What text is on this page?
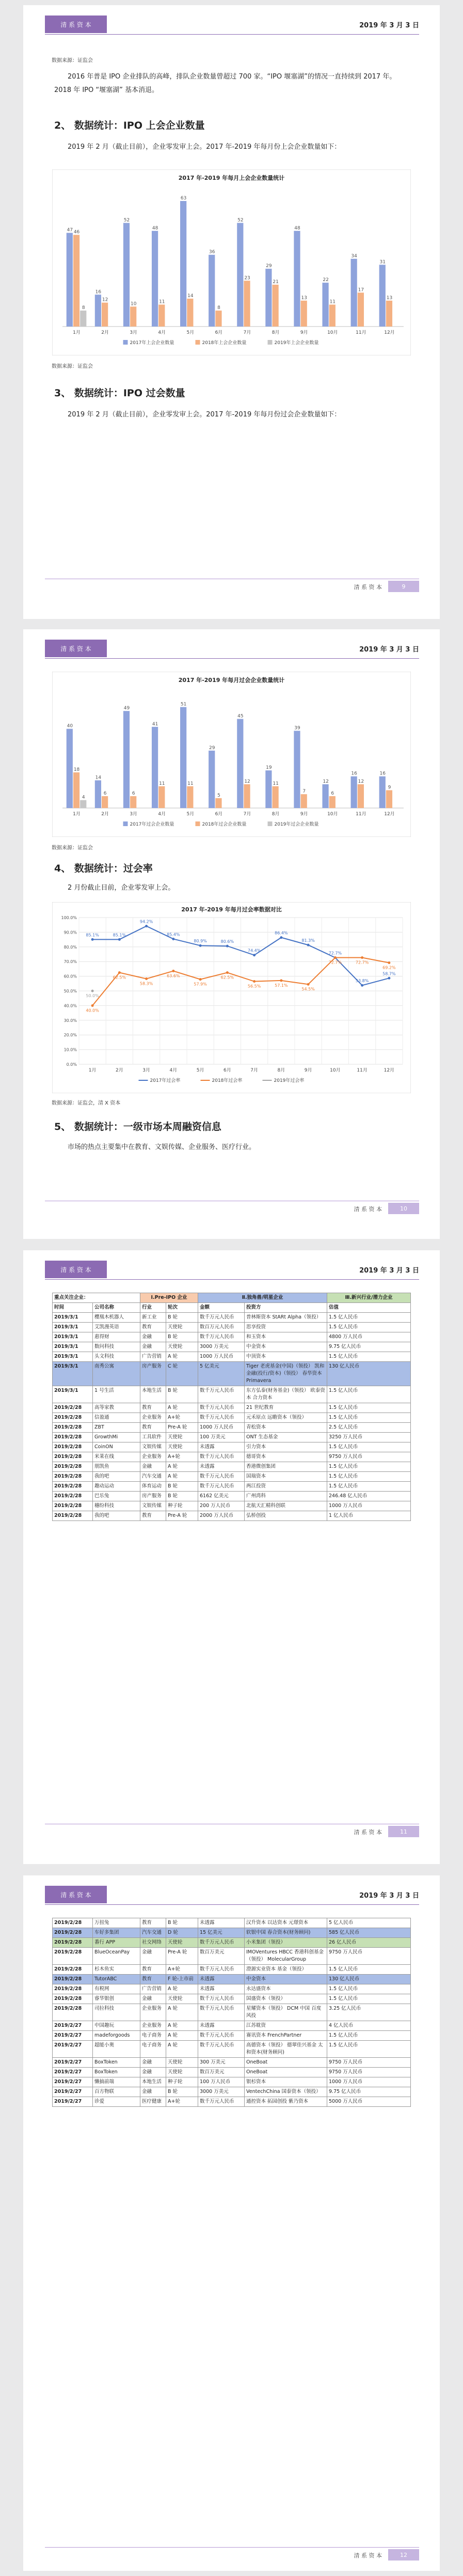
清 系 资 本	2019 年 3 月 3 日
数据来源：证监会
2016 年普是 IPO 企业排队的高峰，排队企业数量曾超过 700 家。“IPO 堰塞湖”的情况一直持续到 2017 年。2018 年 IPO “堰塞湖” 基本消退。
2、 数据统计：IPO 上会企业数量
2019 年 2 月（截止目前），企业零发审上会。2017 年-2019 年每月份上会企业数量如下：
2017 年-2019 年每月上会企业数量统计
47 46
8
1月
16
12
2月
52
10
3月
48
11
4月
63
14
5月
36
8
6月
52
23
7月
29
21
8月
48
13
9月
22
11
10月
34
17
11月
31
13
12月
2017年上会企业数量	2018年上会企业数量	2019年上会企业数量
数据来源：证监会
3、 数据统计：IPO 过会数量
2019 年 2 月（截止目前），企业零发审上会。2017 年-2019 年每月份过会企业数量如下：
清 系 资 本	9
清 系 资 本	2019 年 3 月 3 日
2017 年-2019 年每月过会企业数量统计
40
18
4
1月
14
6
2月
49
6
3月
41
11
4月
51
11
5月
29
5
6月
45
12
7月
19
11
8月
39
7
9月
12
6
10月
16
12
11月
16
9
12月
2017年过会企业数量	2018年过会企业数量	2019年过会企业数量
数据来源：证监会
4、 数据统计：过会率
2 月份截止目前，企业零发审上会。
2017 年-2019 年每月过会率数据对比
0.0%
10.0%
20.0%
30.0%
40.0%
50.0%
60.0%
70.0%
80.0%
90.0%
100.0%
1月	2月	3月	4月	5月	6月	7月	8月	9月	10月	11月	12月
85.1%	85.1%
94.2%
85.4%
80.9%	80.6%
74.4%
86.4%
81.3%
72.7%
53.8%
58.7%
40.0%
62.5%
58.3%
63.6%
57.9%
62.5%
56.5%	57.1%
54.5%
72.7%	72.7%
69.2%
50.0%
2017年过会率	2018年过会率	2019年过会率
数据来源：证监会，清 X 资本
5、 数据统计：一级市场本周融资信息
市场的热点主要集中在教育、文娱传媒、企业服务、医疗行业。
清 系 资 本	10
清 系 资 本	2019 年 3 月 3 日
重点关注企业：		Ⅰ.Pre-IPO 企业		Ⅱ.独角兽/明星企业		Ⅲ.新兴行业/潜力企业
时间	公司名称	行业	轮次	金额	投资方	估值
2019/3/1	樱凰木机器人	新工业	B 轮	数千万元人民币	普林斯资本 StARt Alpha（领投）	1.5 亿人民币
2019/3/1	艾凯漫英语	教育	天使轮	数百万元人民币	思享投资	1.5 亿人民币
2019/3/1	惠得财	金融	B 轮	数千万元人民币	和玉资本	4800 万人民币
2019/3/1	数问科技	金融	天使轮	3000 万美元	中金资本	9.75 亿人民币
2019/3/1	头文科技	广告营销	A 轮	1000 万人民币	中顶资本	1.5 亿人民币
2019/3/1	南秀公寓	房产服务	C 轮	5 亿美元	Tiger 老虎基金(中国)（领投） 凯和金融(投行/资本)（领投） 春华资本 Primavera	130 亿人民币
2019/3/1	1 号生活	本地生活	B 轮	数千万元人民币	东方弘泰(财务基金)（领投） 欧泰资本 合力资本	1.5 亿人民币
2019/2/28	高等家教	教育	A 轮	数千万元人民币	21 世纪教育	1.5 亿人民币
2019/2/28	信盈通	企业服务	A+轮	数千万元人民币	元禾原点 远瞻资本（领投）	1.5 亿人民币
2019/2/28	ZBT	教育	Pre-A 轮	1000 万人民币	青松资本	2.5 亿人民币
2019/2/28	GrowthMi	工具软件	天使轮	100 万美元	ONT 生态基金	3250 万人民币
2019/2/28	CoinON	文娱传媒	天使轮	未透露	引力资本	1.5 亿人民币
2019/2/28	米莱在线	企业服务	A+轮	数千万元人民币	德哥资本	9750 万人民币
2019/2/28	朋凯鱼	金融	A 轮	未透露	香港微创集团	1.5 亿人民币
2019/2/28	我的吧	汽车交通	A 轮	数千万元人民币	国瑞资本	1.5 亿人民币
2019/2/28	趣动运动	体育运动	B 轮	数千万元人民币	两江投资	1.5 亿人民币
2019/2/28	巴乐兔	房产服务	B 轮	6162 亿美元	广州湾科	246.48 亿人民币
2019/2/28	穗纷科技	文娱传媒	种子轮	200 万人民币	北航天汇精科创联	1000 万人民币
2019/2/28	我的吧	教育	Pre-A 轮	2000 万人民币	弘桥创投	1 亿人民币
清 系 资 本	11
清 系 资 本	2019 年 3 月 3 日

2019/2/28	万扭兔	教育	B 轮	未透露	汉升资本 以达资本 元璟资本	5 亿人民币
2019/2/28	车好多集团	汽车交通	D 轮	15 亿美元	软银中国 春合资本(财务顾问)	585 亿人民币
2019/2/28	番行 APP	社交网络	天使轮	数千万元人民币	小米集团（领投）	26 亿人民币
2019/2/28	BlueOceanPay	金融	Pre-A 轮	数百万美元	IMOVentures HBCC 香港科创基金（领投） MolecularGroup	9750 万人民币
2019/2/28	杉木鱼实	教育	A+轮	数千万元人民币	澄源实业资本 基金（领投）	1.5 亿人民币
2019/2/28	TutorABC	教育	F 轮-上市前	未透露	中金资本	130 亿人民币
2019/2/28	有税网	广告营销	A 轮	未透露	永达盛资本	1.5 亿人民币
2019/2/28	睿华银创	金融	天使轮	数千万元人民币	国盛资本（领投）	1.5 亿人民币
2019/2/28	司拉科技	企业服务	A 轮	数千万元人民币	星耀资本（领投） DCM 中国 百度风投	3.25 亿人民币
2019/2/27	中国趣玩	企业服务	A 轮	未透露	江苏耽资	4 亿人民币
2019/2/27	madeforgoods	电子商务	A 轮	数千万元人民币	赛讯资本 FrenchPartner	1.5 亿人民币
2019/2/27	超能小奥	电子商务	A 轮	数千万元人民币	高德资本（领投） 德翠佳兴基金 太和资本(财务顾问)	1.5 亿人民币
2019/2/27	BoxToken	金融	天使轮	300 万美元	OneBoat	9750 万人民币
2019/2/27	BoxToken	金融	天使轮	数百万美元	OneBoat	9750 万人民币
2019/2/27	懒搞前端	本地生活	种子轮	100 万人民币	银杉资本	1000 万人民币
2019/2/27	百方物联	金融	B 轮	3000 万美元	VentechChina 国泰资本（领投）	9.75 亿人民币
2019/2/27	诊爱	医疗健康	A+轮	数千万元人民币	通控资本 拓园创投 紫乃资本	5000 万人民币
清 系 资 本	12
